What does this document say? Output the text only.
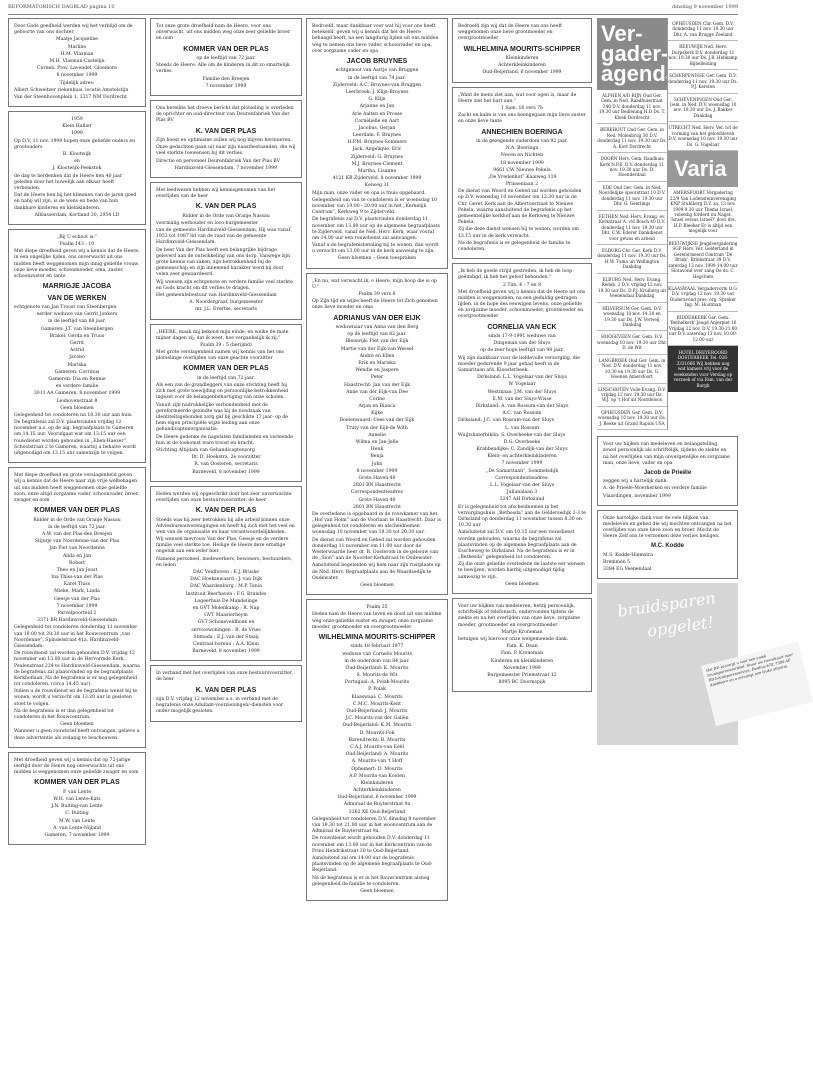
REFORMATORISCH DAGBLAD pagina 10	dinsdag 9 november 1999

Door Gods goedheid werden wij het verblijd om de geboorte van ons dochter

Maatje Jacqueline

Marline

H.M. Vlasman

M.H. Vlasman-Castelijn

Corneli. Prov. Lavendel, Gloemore

8 november 1999

Tijdelijk adres:

Albert Schweitzer ziekenhuis, locatie Amstelstijn

Van der Steenhovenplein 1, 3317 NM Dordrecht

1959

Klein Hallier

1999

Op D.V. 11 nov. 1999 hopen onze geliefde ouders en grootouders

B. Klootwijk

en

J. Klootwijk-Peekstok

de dag te herdenken dat de Heere hen 40 jaar geleden door het huwelijk aan elkaar heeft verbonden.

Dat de Heere hen bij het klimmen van de jaren goed en nabij wil zijn, is de wens en bede van hun dankbare kinderen en kleinkinderen.

Alblasserdam, Kortland 30, 2954 LD

„Bij U echoot is:”

Psalm 143 : 10

Met diepe droefheid geven wij u kennis dat de Heere, in een ongelijke lijden, ons onverwacht uit ons midden heeft weggenomen mijn innig geliefde vrouw, onze lieve moeder, schoonmoeder, oma, zuster, schoonzuster en tante

MARRIGJE JACOBA

VAN DE WERKEN

echtgenote van Jan Troost van Steenbergen

eerder weduwe van Gerrit Jonkers

in de leeftijd van 68 jaar.

Gameren: J.T. van Steenbergen

Brakel: Gerda en Truus

Gerrit

Astrid

Jacobo

Mariska

Gameren: Corrinus

Gameren: Dia en Rennie

en verdere familie

3011 AA Gameren, 8 november 1999

Leuhovenstraat 8

Geen bloemen

Gelegenheid tot condoleren na 18.30 uur aan huis.

De begrafenis zal D.V. plaatsvinden vrijdag 12 november a.s. op de alg. begraafplaats te Gameren om 14.15 uur. Voorafgaat wat om 13.15 uur een rouwdienst worden gehouden in „Eben-Haezer”, Schoolstraat 2 te Gameren, waarbij u behalve wordt uitgenodigd om 13.15 uur samenzijn te volgen.

Met diepe droefheid en grote verslagenheid geven wij u kennis dat de Heere naar zijn vrije welbehagen uit ons midden heeft weggenomen onze geliefde zoon, onze altijd zorgzame vader, schoonvader, broer, zwager en oom

KOMMER VAN DER PLAS

Ridder in de Orde van Oranje Nassau

in de leeftijd van 72 jaar.

A.W. van der Plas-den Breejen

Stijntje van Noordenne-van der Plas

Jan Piet van Noordenne

Alida en Jan

Robert

Theo en Jan Joost

Ina Thiss-van der Plas

Karel Thiss

Mieke, Mark, Linda

Geesje van der Plas

7 november 1999

Parvelpoorteid 2

3371 BR Hardinxveld-Giessendam

Gelegenheid tot condoleren donderdag 11 november van 19.00 tot 20.30 uur in het Rouwcentrum „van Noordenne”, Spindelstraat 41a, Hardinxveld-Giessendam.

De rouwdienst zal worden gehouden D.V. vrijdag 12 november om 13.00 uur in de Hervormde Kerk, Peulenstraat 224 te Hardinxveld-Giessendam, waarna de begrafenis zal plaatsvinden op de begraafplaats Kerkhoflaan. Na de begrafenis is er nog gelegenheid tot condoleren, (circa 14.45 uur).

Indien u de rouwdienst en de begrafenis wenst bij te wonen, wordt u verzocht om 13.20 uur in gesloten stoet te volgen.

Na de begrafenis is er dan gelegenheid tot condoleren in het Rouwcentrum.

Geen bloemen

Wanneer u geen rouwbrief heeft ontvangen, gelieve u deze advertentie als zodanig te beschouwen.

Met droefheid geven wij u kennis dat op 72-jarige leeftijd door de Heere nog onverwachts uit ons midden is weggenomen onze geliefde zwager en oom

KOMMER VAN DER PLAS

P. van Lente

W.H. van Lente-Kats

J.N. Buiting-van Lente

C. Buiting

M.W. van Lente

A. van Lente-Nijland

Gameren, 7 november 1999

Tot onze grote droefheid nam de Heere, voor ons onverwacht, uit ons midden weg onze zeer geliefde broer en oom

KOMMER VAN DER PLAS

op de leeftijd van 72 jaar.

Steeds de Heere. Alle om de kinderen in dit zo smartelijk verlies.

Familie den Breejen

7 november 1999

Ons bereikte het droeve bericht dat plotseling is overleden de oprichter en oud-directeur van Deurenfabriek Van der Plas BV

K. VAN DER PLAS

Zijn hoest en optimisme zullen wij nog blijven herinneren.

Onze gedachten gaan uit naar zijn naastbestaanden, die wij veel sterkte toewensen bij dit verlies.

Directie en personeel Deurenfabriek Van der Plas BV

Hardinxveld-Giessendam, 7 november 1999

Met leedwezen hebben wij kennisgenomen van het overlijden van de heer

K. VAN DER PLAS

Ridder in de Orde van Oranje Nassau

voormalig wethouder en loco-burgemeester

van de gemeente Hardinxveld-Giessendam. Hij was vanaf 1953 tot 1987 lid van de raad van de gemeente Hardinxveld-Giessendam.

De heer Van der Plas heeft een belangrijke bijdrage geleverd aan de ontwikkeling van ons dorp. Vanwege zijn grote kennis van zaken, zijn betrokkenheid bij de gemeenschap en zijn innemend karakter werd hij door velen zeer gewaardeerd.

Wij wensen zijn echtgenote en verdere familie veel sterkte en Gods kracht om dit verlies te dragen.

Het gemeentebestuur van Hardinxveld-Giessendam

A. Noordergraaf, burgemeester

mr. J.L. Evertse, secretaris

„HEERE, maak mij bekend mijn einde, en welke de mate mijner dagen zij; dat ik weet, hoe vergankelijk ik zij.”

Psalm 39 : 5 (berijmd)

Met grote verslagenheid namen wij kennis van het ons plotselinge overlijden van onze geachte voorzitter

KOMMER VAN DER PLAS

in de leeftijd van 72 jaar.

Als een van de grondleggers van onze stichting heeft hij zich met grote toewijding en persoonlijke betrokkenheid ingezet voor de belangenbehartiging van onze scholen.

Vanuit zijn nadrukkelijke verbondenheid met de gereformeerde gezindte was hij de noodzaak van identiteitsgebonden zorg gaf bij geschikte 17 jaar- op de hem eigen principiële wijze leiding aan onze gehandicaptenorganisatie.

De Heere gedenke de nagelaten familieleden en verleende hun in de toekomst ware troost en kracht.

Stichting Altijdam van Gehandicaptenzorg

Dr. D. Hoekstra, 2e voorzitter

R. van Oosteren, secretaris

Barneveld, 8 november 1999

Heden werden wij opgeschrikt door het zeer onverwachte overlijden van onze bestuursvoorzitter, de heer

K. VAN DER PLAS

Steeds was hij zeer betrokken bij alle arbeid binnen onze Adviesbureauverenigingen en heeft hij zich met het veel en wen van de organisatie en haar verantwoordelijkheden.

Wij wensen mevrouw Van der Plas, Geesje en de verdere familie veel sterkte toe. Heilige de Heere deze ernstige ongeluk aan een ieder hier.

Namens personeel, medewerkers, bewoners, bestuurders, en leden

DAC Veldhoven : E.J. Bruske

DAC Hoeksewaard : J. van Dijk

DAC Waardenburg : M.P. Tania

Instituut Beerhaven : F.G. Brandes

Logeerhuis De Mandelinge

en GVT Molenkamp : R. Nap

GVT Maasterheym

GVT Schoneveldhoek en

servicewoningen : B. de Vries

Stimada : E.J. van der Staaij

Centraal bureau : A.A. Klein

Barneveld, 8 november 1999

In verband met het overlijden van onze bestuursvoorzitter, de heer

K. VAN DER PLAS

zijn D.V. vrijdag 12 november a.s. in verband met de begrafenis onze Adullam-voorzieningen/-diensten voor onder mogelijk gesloten.

Bedroefd, maar dankbaar voor wat hij voor ons heeft betekend, geven wij u kennis dat het de Heere behaagd heeft, na een langdurig lijden uit ons midden weg te nemen ons lieve vader, schoonvader en opa, over zorgzame vader en opa

JACOB BRUYNES

echtgenoot van Aartje van Bruggen

in de leeftijd van 74 jaar.

Zijderveld: A.C. Bruynes-van Bruggen

Leerbroek: J. Klijn-Bruynes

G. Klijn

Arjanne en Jan

Arie Aalten en Prosse

Cornelielle en Aart

Jacobus, Gerjan

Leerdam: F. Bruynes

H.P.M. Bruynes-Sommers

Jack, Angelique, Eric

Zijderveld: G. Bruynes

M.J. Bruynes-Clement

Martha, Lisanne

4121 KB Zijderveld, 8 november 1999

Keiweg 31

Mijn man, onze vader en opa is thuis opgebaard.

Gelegenheid om van te condoleren is er woensdag 10 november van 19.00 - 20.00 uur in het „Kerkelijk Centrum”, Kerkweg 9 te Zijderveld.

De begrafenis zal D.V. plaatsvinden donderdag 11 november om 13.00 uur op de algemene begraafplaats te Zijderveld, vanaf de Ned. Herv. Kerk, waar vooraf om 14.00 uur een rouwdienst zal aanvangen.

Vanaf u de begrafenisbetaling bij te wonen, dan wordt u verzocht om 13.00 uur in de kerk aanwezig te zijn.

Geen bloemen – Geen toespraken

„En nu, wat verwacht ik, o Heere, mijn hoop die is op U.”

Psalm 39 vers 8

Op Zijn tijd en wijze heeft de Heere tot Zich genomen onze lieve moeder en oma

ADRIANUS VAN DER EIJK

weduwnaar van Anna van den Berg

op de leeftijd van 82 jaar.

Bleiswijk: Piet van der Eijk

Martie van der Eijk-van Wessel

André en Ellen

Erik en Mariska

Wendie en Jaspere

Peter

Haastrecht: Jan van der Eijk

Anne van der Eijk-van Dee

Corine

Arjan en Bianca

Kijke

Boelenwaard: Cees van der Eijk

Truty van der Eijk-de With

Annelie

Wilma en Jan-Jelle

Henk

Benja

John

8 november 1999

Grote Haven 40

2801 BN Haastrecht

Correspondentieadres

Grote Haven 40

2801 BN Haastrecht

De overledene is opgebaard in de rouwkamer van het „Hof van Holm” aan de Voorlaan te Haastrecht. Daar is gelegenheid tot condoleren en afscheidnemen woensdag 10 november van 19.30 tot 20.30 uur.

De dienst van Woord en Gebed zal worden gehouden donderdag 11 november om 11.00 uur door de Westerwaarde heer dr. B. Oosterom in de gebouw van de „Sion” aan de Noorder-Kerkstraat te Oudewater.

Aansluitend begeleiden wij hem naar zijn rustplaats op de Ned. Herv. Begraafplaats aan de Waardsedijk te Oudewater.

Geen bloemen

Psalm 25

Heden nam de Heere van leven en dood uit ons midden weg onze geliefde zuster en zwager, onze zorgzame moeder, grootmoeder en overgrootmoeder

WILHELMINA MOURITS-SCHIPPER

sinds 18 februari 1977

weduwe van Cornelis Mourits

in de ouderdom van 84 jaar.

Oud-Beijerland: K. Mourits

S. Mourits-de Wit

Portugaal: A. Polak-Mourits

P. Polak

Klaaswaal: C. Mourits

C.M.C. Mourits-Kent

Oud-Beijerland: J. Mourits

J.C. Mourits-van der Galiën

Oud-Beijerland: K.M. Mourits

D. Mourits-Fok

Barendrecht: B. Mourits

C.A.J. Mourits-van Eeël

Oud-Beijerland: A. Mourits

A. Mourits-van 't Hoff

Ophemert: D. Mourits

A.P. Mourits-van Kooten

Kleinkinderen

Achterkleinkinderen

Oud-Beijerland, 6 november 1999

Admiraal de Ruyterstraat 9a

3262 XE Oud-Beijerland

Gelegenheid tot condoleren D.V. dinsdag 9 november van 19.30 tot 21.00 uur in het wooncentrum aan de Admiraal de Ruyterstraat 9a.

De rouwdienst wordt gehouden D.V. donderdag 11 november om 13.00 uur in het Kerkcentrum van de Prins Hendrikstraat 30 te Oud-Beijerland.

Aansluitend zal om 14.00 uur de begrafenis plaatsvinden op de algemene begraafplaats te Oud-Beijerland.

Na de begrafenis is er in het Rouwcentrum alsnog gelegenheid de familie te condoleren.

Geen bloemen

Bedroefd zijn wij dat de Heere van ons heeft weggenomen onze lieve grootmoeder en overgrootmoeder

WILHELMINA MOURITS-SCHIPPER

Kleinkinderen

Achterkleinkinderen

Oud-Beijerland, 6 november 1999

„Want de mens ziet aan, wat voor ogen is, maar de Heere ziet het hart aan.”

1 Sam. 16 vers 7b

Zacht en kalm is van ons heengegaan mijn lieve zuster en onze lieve tante

ANNECHIEN BOERINGA

in de gezegende ouderdom van 92 jaar.

N.A. Boeringa

Neven en Nichten

18 november 1999

9661 CW Nieuwe Pekela

„De Vredenhof” Kaaiweg 119

Prinsenlaan 2

De dienst van Woord en Gebed zal worden gehouden op D.V. woensdag 10 november om 13.30 uur in de Chr. Geref. Kerk aan de Albertusstraat te Nieuwe Pekela, waarna aansluitend de begrafenis op het gemeentelijke kerkhof aan de Kerkweg te Nieuwe Pekela.

Zij die deze dienst wensen bij te wonen, worden om 13.15 uur in de kerk verwacht.

Na de begrafenis is er gelegenheid de familie te condoleren.

„Ik heb de goede strijd gestreden, ik heb de loop geëindigd, ik heb het geloof behouden.”

2 Tim. 4 : 7 en 8

Met droefheid geven wij u kennis dat de Heere uit ons midden is weggenomen, na een geduldig gedragen lijden, in de hope des eeuwigen levens, onze geliefde en zorgzame moeder, schoonmoeder, grootmoeder en overgrootmoeder

CORNELIA VAN ECK

sinds 17-9-1991 weduwe van

Dingeman van der Sluys

op de zeer hoge leeftijd van 98 jaar.

Wij zijn dankbaar voor de liefdevolle verzorging, die moeder gedurende 9 jaar gehad heeft in de Samaritaan afd. Kloosterbeek.

Dirksland: L.L. Vogelaar-van der Sluys

W. Vogelaar

Westmaas: J.M. van der Sluys

E.M. van der Sluys-Wisse

Dirksland: A. van Rossum-van der Sluys

A.C. van Rossum

Dirksland: J.C. van Rossum-van der Sluys

L. van Rossum

Wuijtshaterbiklin: S. Overbeeke-van der Sluys

D.G. Overbeeke

Krabbendijke: C. Zandijk-van der Sluys

Klein- en achterkleinkinderen

7 november 1999

„De Samaritaan”, Sommelsdijk

Correspondentieadres:

L.L. Vogelaar-van der Sluys

Julianalaan 3

3247 AH Dirksland

Er is gelegenheid tot afscheidnemen in het verzorgingshuis „Bethesda” aan de Geldersedijk 2-3 te Dirksland op donderdag 11 november tussen 8.30 en 10.30 uur.

Aansluitend zal D.V. om 10.15 uur een rouwdienst worden gehouden, waarna de begrafenis zal plaatsvinden op de algemene begraafplaats aan de Esscheweg te Dirksland. Na de begrafenis is er in „Bethesda” gelegenheid tot condoleren.

Zij die onze geliefde overledene de laatste eer wensen te bewijzen, worden hierbij uitgenodigd tijdig aanwezig te zijn.

Geen bloemen

Voor uw blijken van medeleven, hetzij persoonlijk, schriftelijk of telefonisch, ondervonden tijdens de ziekte en na het overlijden van onze lieve, zorgzame moeder, grootmoeder en overgrootmoeder

Martje Kroneman

betuigen wij hiervoor onze welgemeende dank.

Fam. K. Dean

Fam. P. Kroneman

Kinderen en kleinkinderen

November 1999

Burgemeester Priemstraat 12

8095 BC Doornspijk

Ver-gader-agenda
ALPHEN A/D RIJN Oud Ger. Gem. in Ned. Raadhuisstraat 240 D.V. donderdag 11 nov. 19.30 uur Bediening H.D Ds. T. Kloek Dordrecht
BERKHOUT Oud Ger. Gem. in Ned. Molenbrug 30 D.V. donderdag 11 nov. 19.30 uur Ds. A. Kort Dordrecht
DOORN Herv. Gem. Raadhuis Kerk N.P.E. D.V. donderdag 11 nov. 19.30 uur Ds. D. Hoenderdaal
EDE Oud Ger. Gem. in Ned. Noordelijke spoorstraat 10 D.V. donderdag 11 nov. 19.30 uur Dhr. G. Geerlings
EETHEN Ned. Herv. Evang. ev. Kerkstraat A. v/d Bosch 40 D.V. donderdag 11 nov. 19.30 uur Dhr. C.W. Ederer Dankdienst voor gewas en arbeid
ELBURG Chr. Ger. Kerk D.V. donderdag 11 nov. 19.30 uur Ds. H.W. Tuma uit Wellington Dankdag
ELBURG Ned. Herv. Evang. Redeb. 2 D.V. vrijdag 12 nov. 19.30 uur Ds. D.P.J. Kruiberg uit Veenendaal Dankdag
HILVERSUM Ger. Gem. D.V. woensdag 10 nov. 14.30 en 19.30 uur Ds. J.W. Verweij Dankdag
HOOGEVEEN Ger. Gem. D.V. woensdag 10 nov. 19.30 uur Dhr. D. de Wit
LANGBROEK Oud Ger. Gem. in Ned. D.V. donderdag 11 nov. 10.30 en 19.30 uur Ds. G. Hoenen Amersfoort
LINSCHOTEN Volle Evang. D.V. vrijdag 12 nov. 19.30 uur Ds. W.J. op 't Hof uit Noordeloos
OPHEUSDEN Ger. Gem. D.V. woensdag 10 nov. 19.30 uur Ds. J. Beeke uit Grand Rapids USA
OPHEUSDEN Chr. Gem. D.V. donderdag 11 nov. 19.30 uur Dhr. A. van Brugge Zeeland
REEUWIJK Ned. Herv. Dorpskerk D.V. donderdag 11 nov. 19.30 uur Ds. J.B. Hebkamp Bijbelleiding
SCHERPENISSE Ger. Gem. D.V. donderdag 11 nov. 19.30 uur Ds. P.J. Kersten
SCHEVENINGEN Oud Ger. Gem. in Ned. D.V. woensdag 10 nov. 19.30 uur Ds. J. Bakker Dankdag
UTRECHT Ned. Herv. Ver. tot de vorming van het geloofsleven D.V. woensdag 10 nov. 19.30 uur Ds. G. Vogelaar
Varia
AMERSFOORT Vergadering 22/9 Van Lodensteinvereniging KNP Stuhlberg D.V. za. 13 nov. 1999 9.30 uur Thema Israel, voleedig forderd nu Nagel: 'Israel versus Israel?' door drs. H.P. Bleeker Er is altijd een mogelijk voor
REEUWIJKSE Jeugdvergadering SGP Herv. Ver. Gelderland in Gereformeerd Centrum 'De Brink', Brinkstraat 39 D.V. zaterdag 13 nov. 1999 14.00 uur Slotavond over zang De ds. C. Hogchem
KLAASWAAL Vergadervorm O.G. D.V. vrijdag 12 nov. 19.30 uur Ouderavond pres. org. Spreker Ing. M. Houtman
RIDDERKERK Ger. Gem. 'Bethelkerk' Jeugd Anjerpiet 16 Vrijdag 12 nov. D.V. 19.30-21.00 uur D.V. zaterdag 13 nov. 10.00-12.00 uur
HOTEL DREYEROORD OOSTERBEEK Tel. 026-3331666 Wij hebben nog wat kamers vrij voor de weekenden voor Verslag op verzoek of via Fam. van der Burgh

Voor uw blijken van medeleven en belangstelling, zowel persoonlijk als schriftelijk, tijdens de ziekte en na het overlijden van mijn onvergetelijke en zorgzame man, onze lieve, vader en opa

Jacob de Prieële

zeggen wij u hartelijk dank.

A. de Prieële-Moerkerken en verdere familie

Vlaardingen, november 1999

Onze hartelijke dank voor de vele blijken van medeleven en gebed die wij mochten ontvangen na het overlijden van onze lieve zoon en broer. Mocht de Heere Zelf ons te verzoeken deze verlies heiligen.

M.C. Kodde

M.S. Kodde-Hiemstra

Bremmen 5

3384 EG Veenendaal

bruidsparen
opgelet!
Het RD verzorgt u voor een uniek bruidsparenvoordeel: Stuur uw trouwkaart naar RD-bruidsparenservice, Postbus 670, 7300 AP Apeldoorn en u ontvangt een leuke attentie.
